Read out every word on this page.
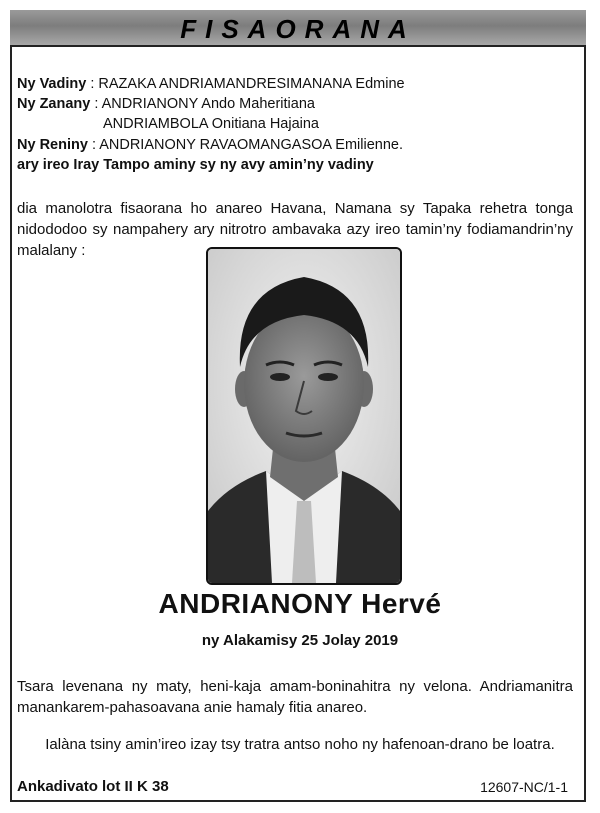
FISAORANA
Ny Vadiny : RAZAKA ANDRIAMANDRESIMANANA Edmine
Ny Zanany : ANDRIANONY Ando Maheritiana
ANDRIAMBOLA Onitiana Hajaina
Ny Reniny : ANDRIANONY RAVAOMANGASOA Emilienne.
ary ireo Iray Tampo aminy sy ny avy amin’ny vadiny
dia manolotra fisaorana ho anareo Havana, Namana sy Tapaka rehetra tonga nidododoo sy nampahery ary nitrotro ambavaka azy ireo tamin’ny fodiamandrin’ny malalany :
ANDRIANONY Hervé
ny Alakamisy 25 Jolay 2019
Tsara levenana ny maty, heni-kaja amam-boninahitra ny velona. Andriamanitra manankarem-pahasoavana anie hamaly fitia anareo.
Ialàna tsiny amin’ireo izay tsy tratra antso noho ny hafenoan-drano be loatra.
Ankadivato lot II K 38	12607-NC/1-1
